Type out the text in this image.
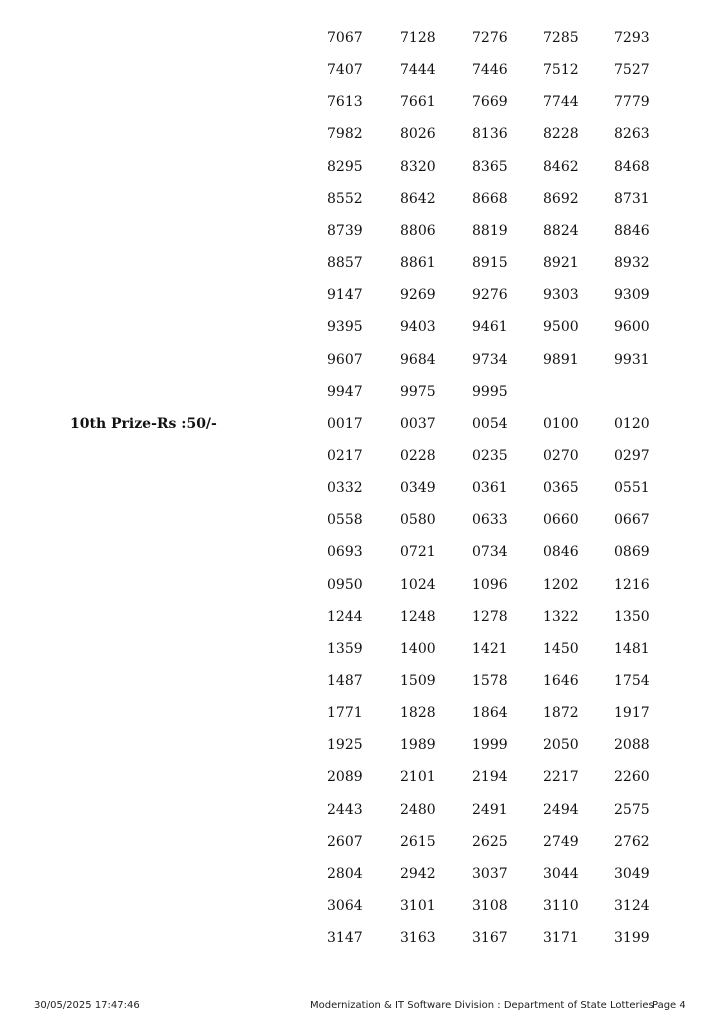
7067	7128	7276	7285	7293
7407	7444	7446	7512	7527
7613	7661	7669	7744	7779
7982	8026	8136	8228	8263
8295	8320	8365	8462	8468
8552	8642	8668	8692	8731
8739	8806	8819	8824	8846
8857	8861	8915	8921	8932
9147	9269	9276	9303	9309
9395	9403	9461	9500	9600
9607	9684	9734	9891	9931
9947	9975	9995
10th Prize-Rs :50/-	0017	0037	0054	0100	0120
0217	0228	0235	0270	0297
0332	0349	0361	0365	0551
0558	0580	0633	0660	0667
0693	0721	0734	0846	0869
0950	1024	1096	1202	1216
1244	1248	1278	1322	1350
1359	1400	1421	1450	1481
1487	1509	1578	1646	1754
1771	1828	1864	1872	1917
1925	1989	1999	2050	2088
2089	2101	2194	2217	2260
2443	2480	2491	2494	2575
2607	2615	2625	2749	2762
2804	2942	3037	3044	3049
3064	3101	3108	3110	3124
3147	3163	3167	3171	3199
30/05/2025 17:47:46	Modernization & IT Software Division : Department of State Lotteries
Page 4
